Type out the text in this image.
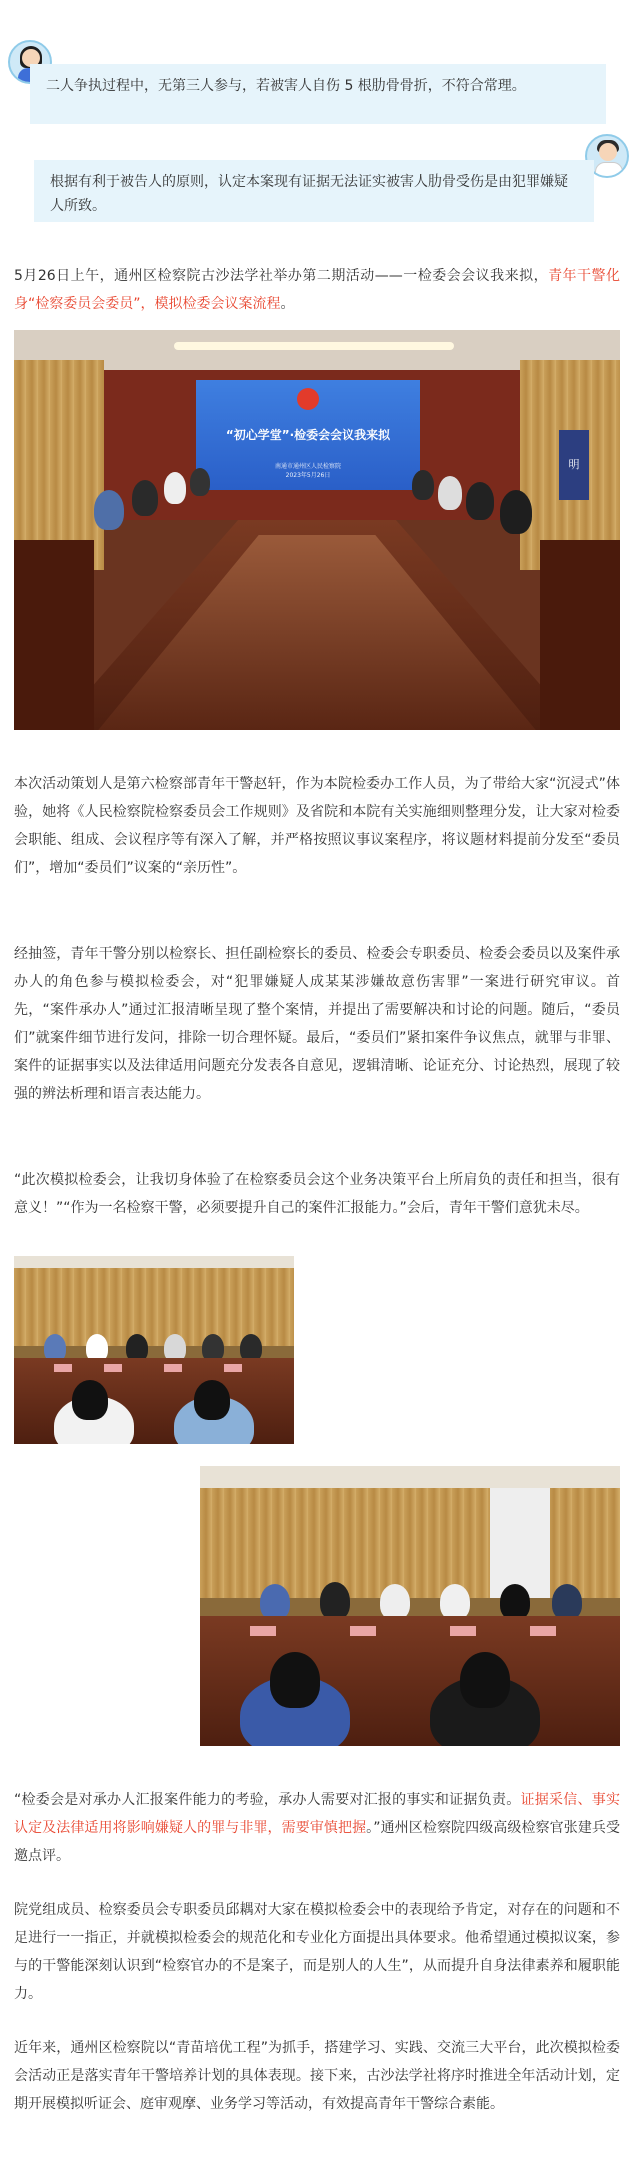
二人争执过程中，无第三人参与，若被害人自伤 5 根肋骨骨折，不符合常理。
根据有利于被告人的原则，认定本案现有证据无法证实被害人肋骨受伤是由犯罪嫌疑人所致。

5月26日上午，通州区检察院古沙法学社举办第二期活动——一检委会会议我来拟，青年干警化身“检察委员会委员”，模拟检委会议案流程。

“初心学堂”·检委会会议我来拟
南通市通州区人民检察院
2023年5月26日
明

本次活动策划人是第六检察部青年干警赵轩，作为本院检委办工作人员，为了带给大家“沉浸式”体验，她将《人民检察院检察委员会工作规则》及省院和本院有关实施细则整理分发，让大家对检委会职能、组成、会议程序等有深入了解，并严格按照议事议案程序，将议题材料提前分发至“委员们”，增加“委员们”议案的“亲历性”。

经抽签，青年干警分别以检察长、担任副检察长的委员、检委会专职委员、检委会委员以及案件承办人的角色参与模拟检委会，对“犯罪嫌疑人成某某涉嫌故意伤害罪”一案进行研究审议。首先，“案件承办人”通过汇报清晰呈现了整个案情，并提出了需要解决和讨论的问题。随后，“委员们”就案件细节进行发问，排除一切合理怀疑。最后，“委员们”紧扣案件争议焦点，就罪与非罪、案件的证据事实以及法律适用问题充分发表各自意见，逻辑清晰、论证充分、讨论热烈，展现了较强的辨法析理和语言表达能力。

“此次模拟检委会，让我切身体验了在检察委员会这个业务决策平台上所肩负的责任和担当，很有意义！”“作为一名检察干警，必须要提升自己的案件汇报能力。”会后，青年干警们意犹未尽。

“检委会是对承办人汇报案件能力的考验，承办人需要对汇报的事实和证据负责。证据采信、事实认定及法律适用将影响嫌疑人的罪与非罪，需要审慎把握。”通州区检察院四级高级检察官张建兵受邀点评。

院党组成员、检察委员会专职委员邱耦对大家在模拟检委会中的表现给予肯定，对存在的问题和不足进行一一指正，并就模拟检委会的规范化和专业化方面提出具体要求。他希望通过模拟议案，参与的干警能深刻认识到“检察官办的不是案子，而是别人的人生”，从而提升自身法律素养和履职能力。

近年来，通州区检察院以“青苗培优工程”为抓手，搭建学习、实践、交流三大平台，此次模拟检委会活动正是落实青年干警培养计划的具体表现。接下来，古沙法学社将序时推进全年活动计划，定期开展模拟听证会、庭审观摩、业务学习等活动，有效提高青年干警综合素能。
